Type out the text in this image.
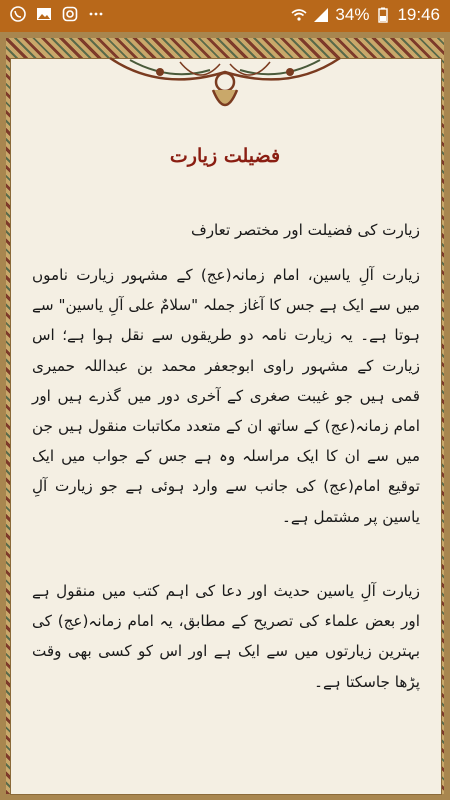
34% 19:46
فضیلت زیارت
زیارت کی فضیلت اور مختصر تعارف
زیارت آلِ یاسین، امام زمانہ(عج) کے مشہور زیارت ناموں میں سے ایک ہے جس کا آغاز جملہ "سلامٌ علی آلِ یاسین" سے ہوتا ہے۔ یہ زیارت نامہ دو طریقوں سے نقل ہوا ہے؛ اس زیارت کے مشہور راوی ابوجعفر محمد بن عبداللہ حمیری قمی ہیں جو غیبت صغری کے آخری دور میں گذرے ہیں اور امام زمانہ(عج) کے ساتھ ان کے متعدد مکاتبات منقول ہیں جن میں سے ان کا ایک مراسلہ وہ ہے جس کے جواب میں ایک توقیع امام(عج) کی جانب سے وارد ہوئی ہے جو زیارت آلِ یاسین پر مشتمل ہے۔
زیارت آلِ یاسین حدیث اور دعا کی اہم کتب میں منقول ہے اور بعض علماء کی تصریح کے مطابق، یہ امام زمانہ(عج) کی بہترین زیارتوں میں سے ایک ہے اور اس کو کسی بھی وقت پڑھا جاسکتا ہے۔
